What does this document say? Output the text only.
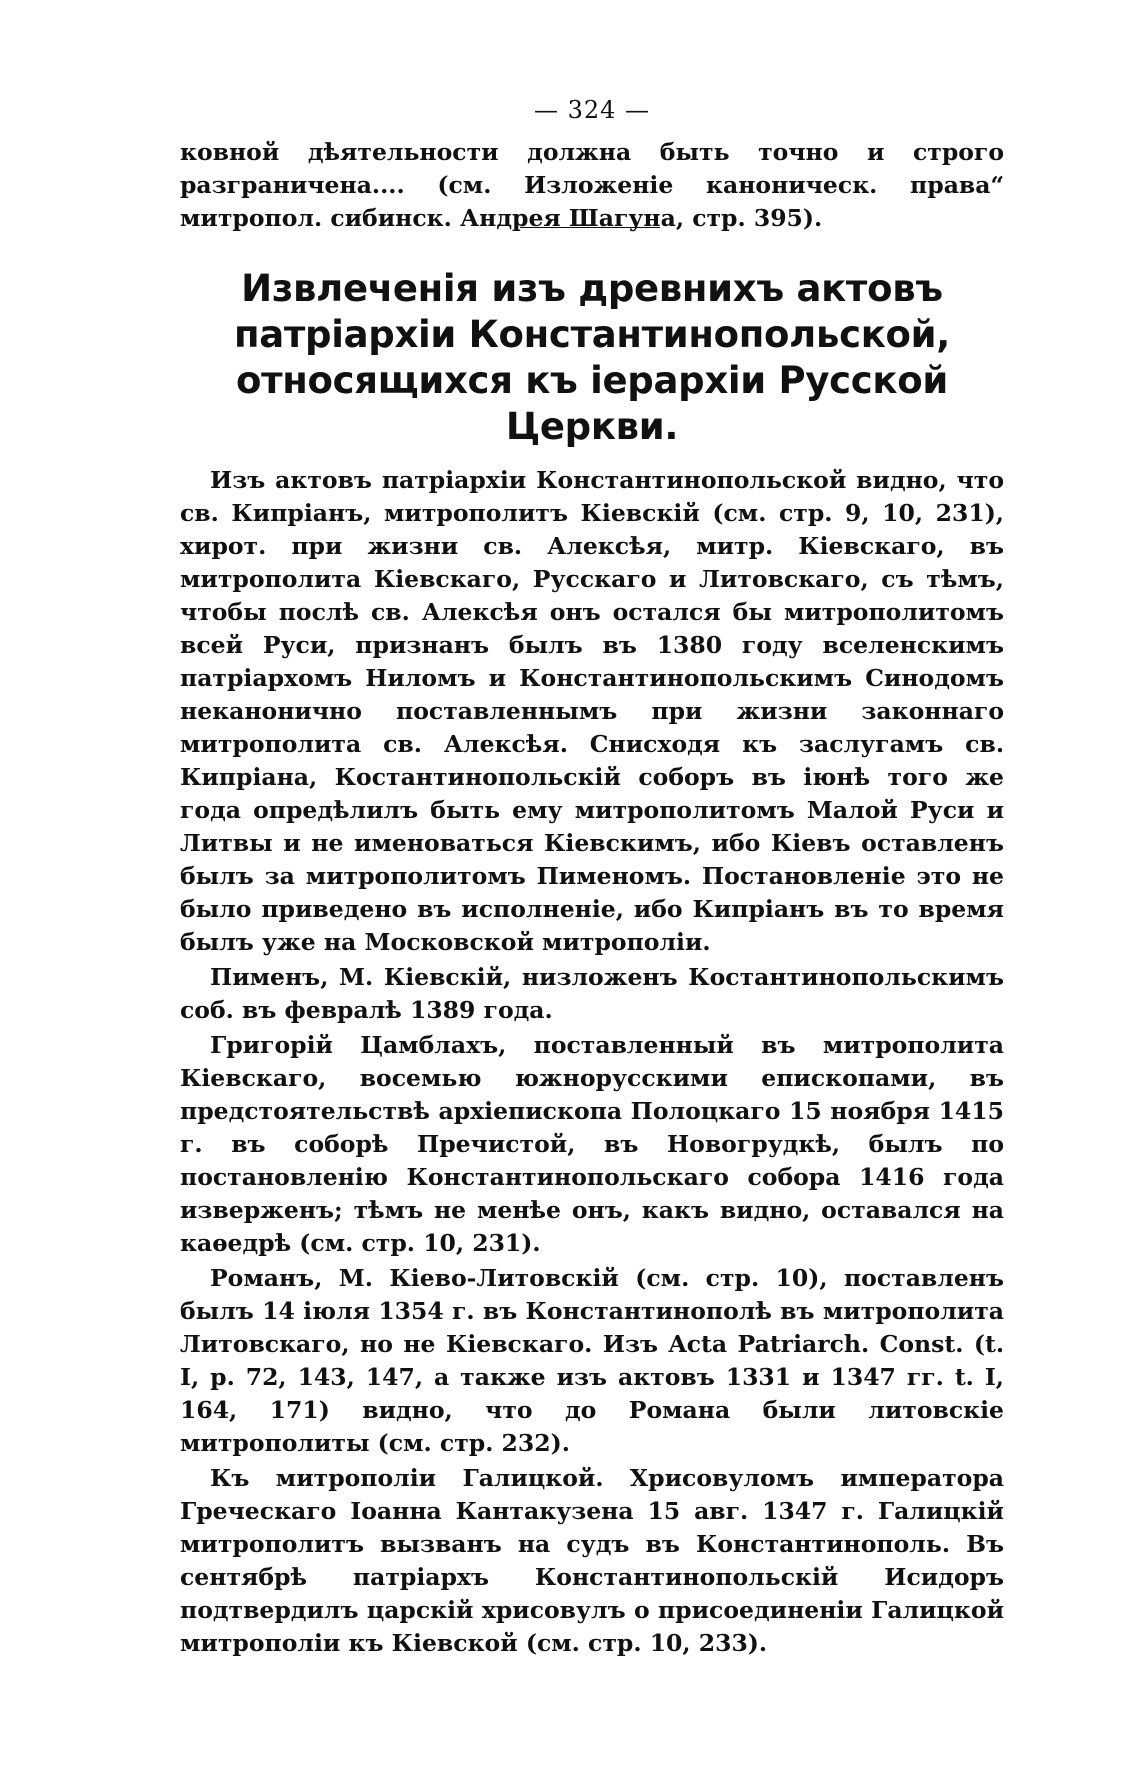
— 324 —

ковной дѣятельности должна быть точно и строго разграничена.... (см. Изложеніе каноническ. права“ митропол. сибинск. Андрея Шагуна, стр. 395).

Извлеченія изъ древнихъ актовъ патріархіи Константинопольской, относящихся къ іерархіи Русской Церкви.

Изъ актовъ патріархіи Константинопольской видно, что св. Кипріанъ, митрополитъ Кіевскій (см. стр. 9, 10, 231), хирот. при жизни св. Алексѣя, митр. Кіевскаго, въ митрополита Кіевскаго, Русскаго и Литовскаго, съ тѣмъ, чтобы послѣ св. Алексѣя онъ остался бы митрополитомъ всей Руси, признанъ былъ въ 1380 году вселенскимъ патріархомъ Ниломъ и Константинопольскимъ Синодомъ неканонично поставленнымъ при жизни законнаго митрополита св. Алексѣя. Снисходя къ заслугамъ св. Кипріана, Костантинопольскій соборъ въ іюнѣ того же года опредѣлилъ быть ему митрополитомъ Малой Руси и Литвы и не именоваться Кіевскимъ, ибо Кіевъ оставленъ былъ за митрополитомъ Пименомъ. Постановленіе это не было приведено въ исполненіе, ибо Кипріанъ въ то время былъ уже на Московской митрополіи.

Пименъ, М. Кіевскій, низложенъ Костантинопольскимъ соб. въ февралѣ 1389 года.

Григорій Цамблахъ, поставленный въ митрополита Кіевскаго, восемью южнорусскими епископами, въ предстоятельствѣ архіепископа Полоцкаго 15 ноября 1415 г. въ соборѣ Пречистой, въ Новогрудкѣ, былъ по постановленію Константинопольскаго собора 1416 года изверженъ; тѣмъ не менѣе онъ, какъ видно, оставался на каѳедрѣ (см. стр. 10, 231).

Романъ, М. Кіево-Литовскій (см. стр. 10), поставленъ былъ 14 іюля 1354 г. въ Константинополѣ въ митрополита Литовскаго, но не Кіевскаго. Изъ Acta Patriarch. Const. (t. I, p. 72, 143, 147, а также изъ актовъ 1331 и 1347 гг. t. I, 164, 171) видно, что до Романа были литовскіе митрополиты (см. стр. 232).

Къ митрополіи Галицкой. Хрисовуломъ императора Греческаго Іоанна Кантакузена 15 авг. 1347 г. Галицкій митрополитъ вызванъ на судъ въ Константинополь. Въ сентябрѣ патріархъ Константинопольскій Исидоръ подтвердилъ царскій хрисовулъ о присоединеніи Галицкой митрополіи къ Кіевской (см. стр. 10, 233).
